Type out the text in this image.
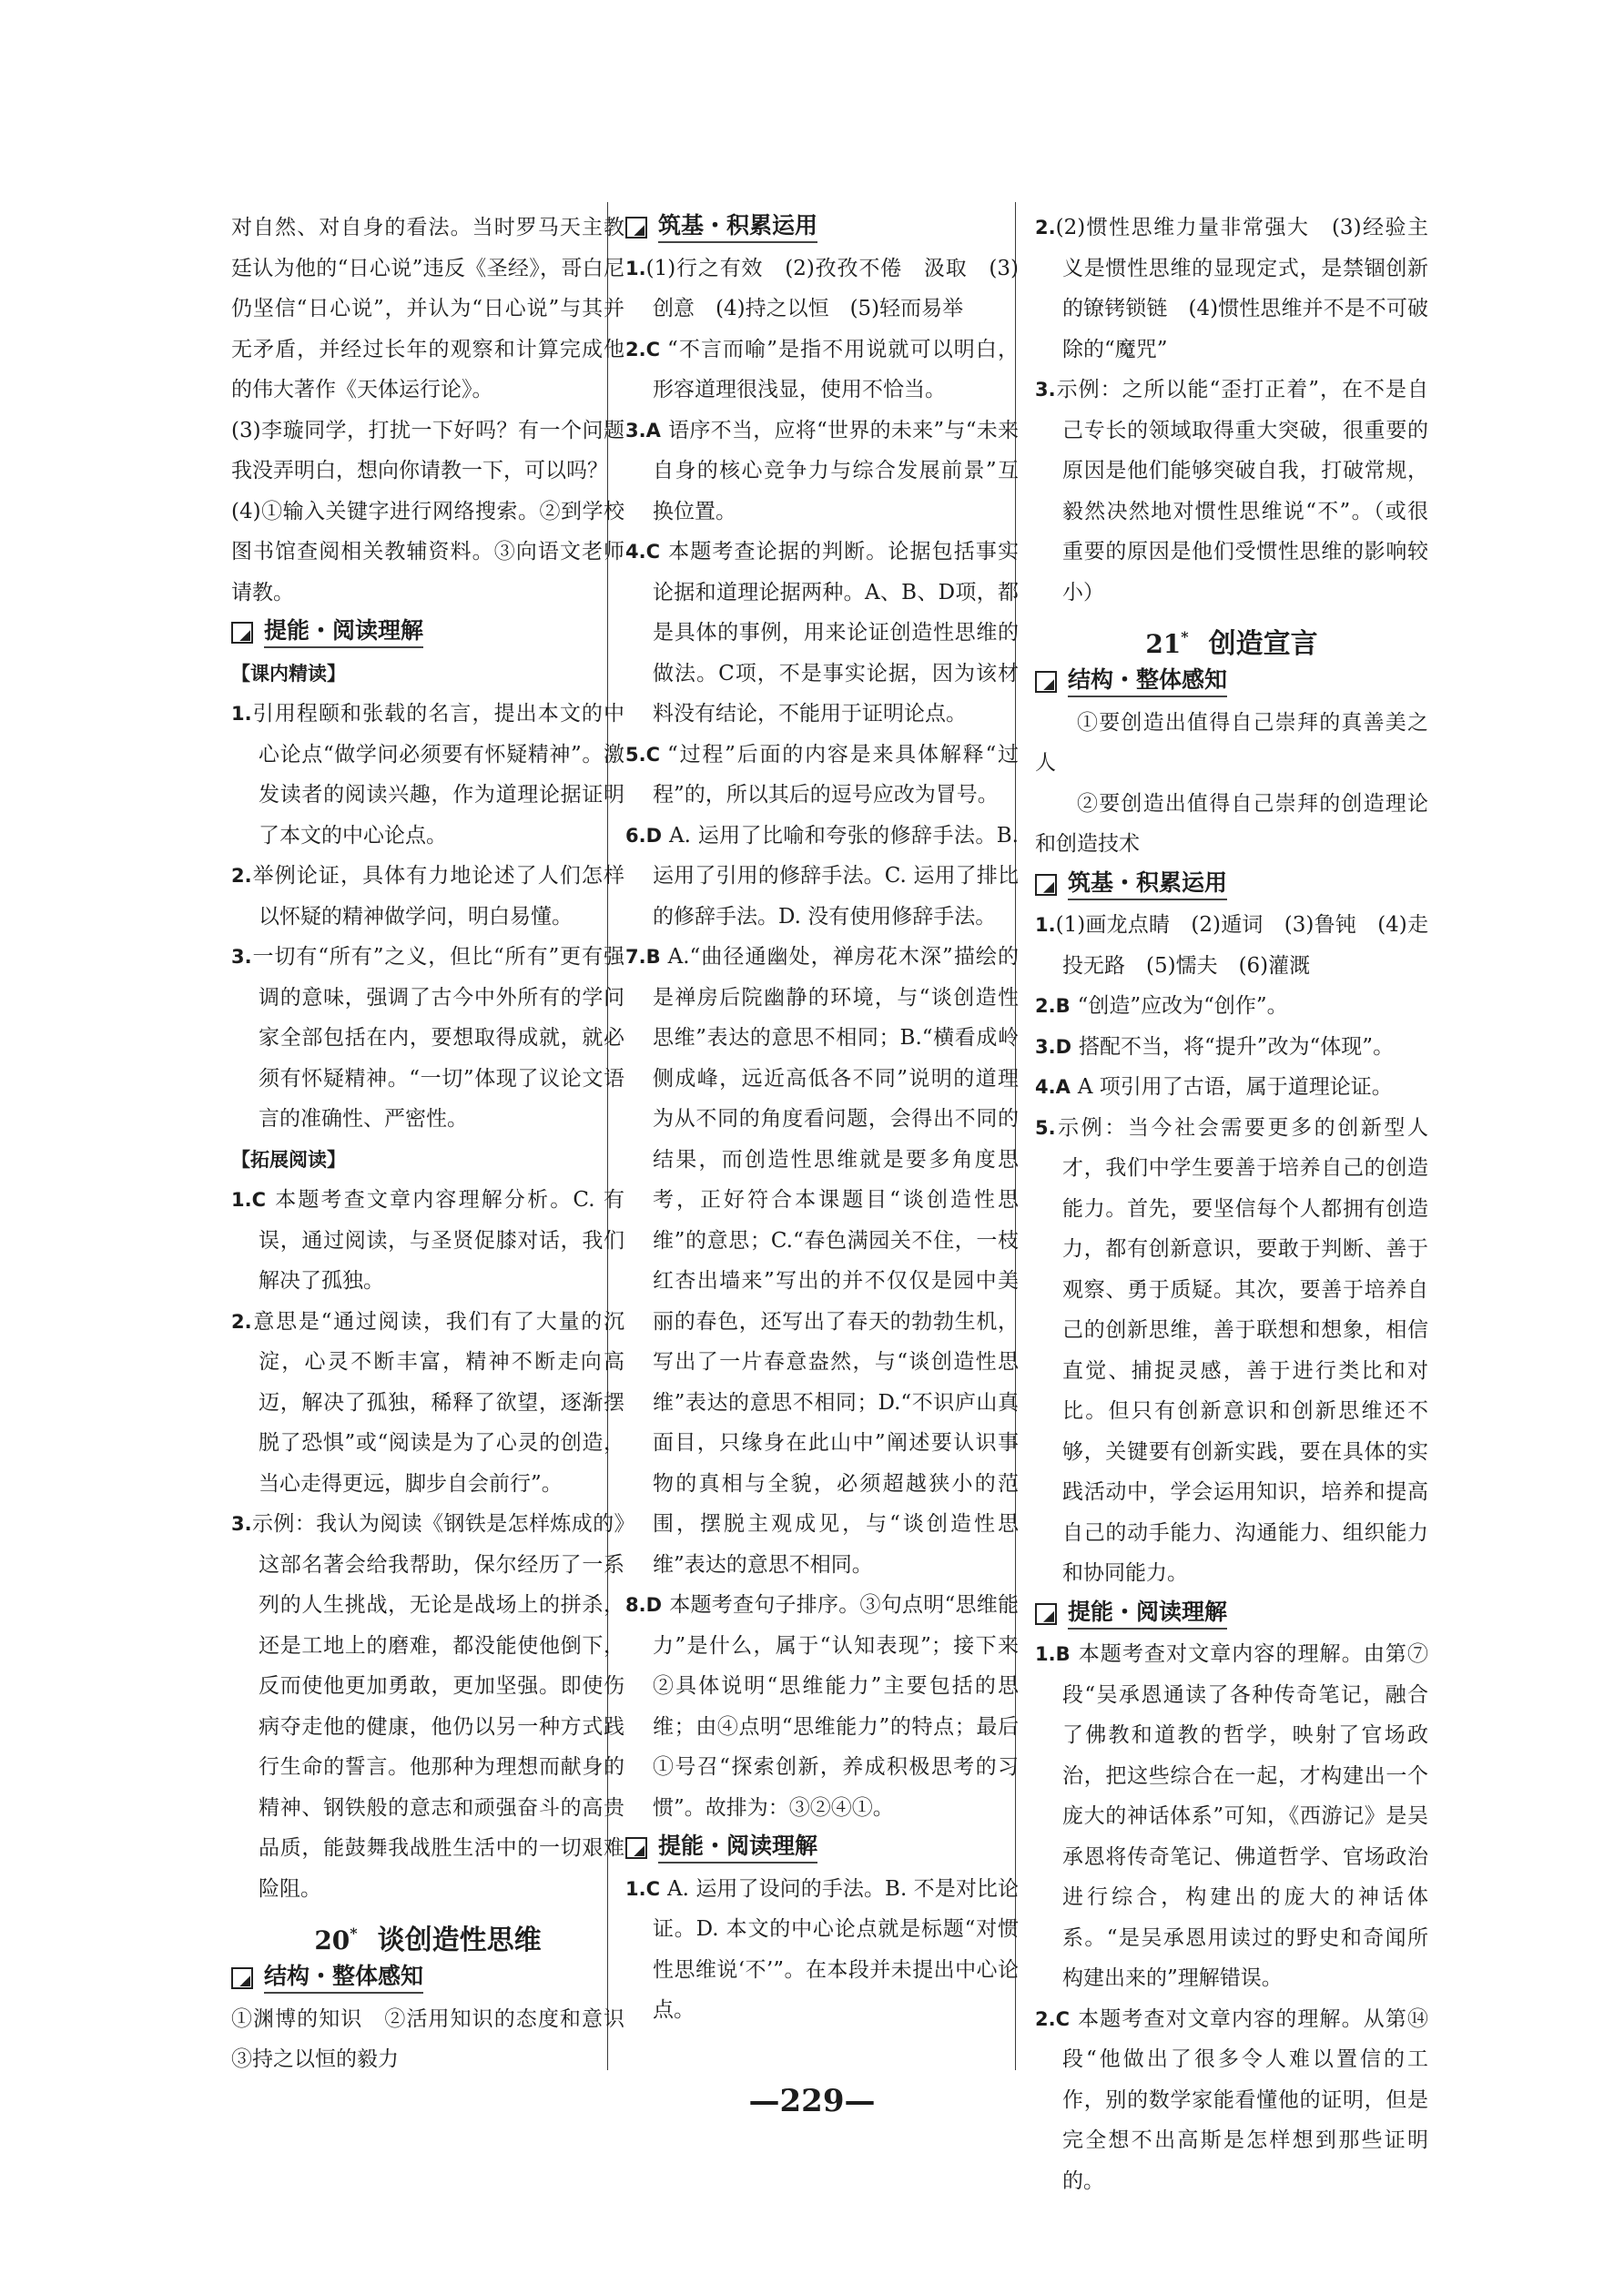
对自然、对自身的看法。当时罗马天主教廷认为他的“日心说”违反《圣经》，哥白尼仍坚信“日心说”，并认为“日心说”与其并无矛盾，并经过长年的观察和计算完成他的伟大著作《天体运行论》。

(3)李璇同学，打扰一下好吗？有一个问题我没弄明白，想向你请教一下，可以吗？

(4)①输入关键字进行网络搜索。②到学校图书馆查阅相关教辅资料。③向语文老师请教。

提能・阅读理解

【课内精读】

1.引用程颐和张载的名言，提出本文的中心论点“做学问必须要有怀疑精神”。激发读者的阅读兴趣，作为道理论据证明了本文的中心论点。

2.举例论证，具体有力地论述了人们怎样以怀疑的精神做学问，明白易懂。

3.一切有“所有”之义，但比“所有”更有强调的意味，强调了古今中外所有的学问家全部包括在内，要想取得成就，就必须有怀疑精神。“一切”体现了议论文语言的准确性、严密性。

【拓展阅读】

1.C 本题考查文章内容理解分析。C. 有误，通过阅读，与圣贤促膝对话，我们解决了孤独。

2.意思是“通过阅读，我们有了大量的沉淀，心灵不断丰富，精神不断走向高迈，解决了孤独，稀释了欲望，逐渐摆脱了恐惧”或“阅读是为了心灵的创造，当心走得更远，脚步自会前行”。

3.示例：我认为阅读《钢铁是怎样炼成的》这部名著会给我帮助，保尔经历了一系列的人生挑战，无论是战场上的拼杀，还是工地上的磨难，都没能使他倒下，反而使他更加勇敢，更加坚强。即使伤病夺走他的健康，他仍以另一种方式践行生命的誓言。他那种为理想而献身的精神、钢铁般的意志和顽强奋斗的高贵品质，能鼓舞我战胜生活中的一切艰难险阻。

20* 谈创造性思维
结构・整体感知

①渊博的知识　②活用知识的态度和意识　③持之以恒的毅力

筑基・积累运用

1.(1)行之有效　(2)孜孜不倦　汲取　(3)创意　(4)持之以恒　(5)轻而易举

2.C “不言而喻”是指不用说就可以明白，形容道理很浅显，使用不恰当。

3.A 语序不当，应将“世界的未来”与“未来自身的核心竞争力与综合发展前景”互换位置。

4.C 本题考查论据的判断。论据包括事实论据和道理论据两种。A、B、D项，都是具体的事例，用来论证创造性思维的做法。C项，不是事实论据，因为该材料没有结论，不能用于证明论点。

5.C “过程”后面的内容是来具体解释“过程”的，所以其后的逗号应改为冒号。

6.D A. 运用了比喻和夸张的修辞手法。B. 运用了引用的修辞手法。C. 运用了排比的修辞手法。D. 没有使用修辞手法。

7.B A.“曲径通幽处，禅房花木深”描绘的是禅房后院幽静的环境，与“谈创造性思维”表达的意思不相同；B.“横看成岭侧成峰，远近高低各不同”说明的道理为从不同的角度看问题，会得出不同的结果，而创造性思维就是要多角度思考，正好符合本课题目“谈创造性思维”的意思；C.“春色满园关不住，一枝红杏出墙来”写出的并不仅仅是园中美丽的春色，还写出了春天的勃勃生机，写出了一片春意盎然，与“谈创造性思维”表达的意思不相同；D.“不识庐山真面目，只缘身在此山中”阐述要认识事物的真相与全貌，必须超越狭小的范围，摆脱主观成见，与“谈创造性思维”表达的意思不相同。

8.D 本题考查句子排序。③句点明“思维能力”是什么，属于“认知表现”；接下来②具体说明“思维能力”主要包括的思维；由④点明“思维能力”的特点；最后①号召“探索创新，养成积极思考的习惯”。故排为：③②④①。

提能・阅读理解

1.C A. 运用了设问的手法。B. 不是对比论证。D. 本文的中心论点就是标题“对惯性思维说‘不’”。在本段并未提出中心论点。

2.(2)惯性思维力量非常强大　(3)经验主义是惯性思维的显现定式，是禁锢创新的镣铐锁链　(4)惯性思维并不是不可破除的“魔咒”

3.示例：之所以能“歪打正着”，在不是自己专长的领域取得重大突破，很重要的原因是他们能够突破自我，打破常规，毅然决然地对惯性思维说“不”。（或很重要的原因是他们受惯性思维的影响较小）

21* 创造宣言
结构・整体感知

①要创造出值得自己崇拜的真善美之人

②要创造出值得自己崇拜的创造理论和创造技术

筑基・积累运用

1.(1)画龙点睛　(2)遁词　(3)鲁钝　(4)走投无路　(5)懦夫　(6)灌溉

2.B “创造”应改为“创作”。

3.D 搭配不当，将“提升”改为“体现”。

4.A A 项引用了古语，属于道理论证。

5.示例：当今社会需要更多的创新型人才，我们中学生要善于培养自己的创造能力。首先，要坚信每个人都拥有创造力，都有创新意识，要敢于判断、善于观察、勇于质疑。其次，要善于培养自己的创新思维，善于联想和想象，相信直觉、捕捉灵感，善于进行类比和对比。但只有创新意识和创新思维还不够，关键要有创新实践，要在具体的实践活动中，学会运用知识，培养和提高自己的动手能力、沟通能力、组织能力和协同能力。

提能・阅读理解

1.B 本题考查对文章内容的理解。由第⑦段“吴承恩通读了各种传奇笔记，融合了佛教和道教的哲学，映射了官场政治，把这些综合在一起，才构建出一个庞大的神话体系”可知，《西游记》是吴承恩将传奇笔记、佛道哲学、官场政治进行综合，构建出的庞大的神话体系。“是吴承恩用读过的野史和奇闻所构建出来的”理解错误。

2.C 本题考查对文章内容的理解。从第⑭段“他做出了很多令人难以置信的工作，别的数学家能看懂他的证明，但是完全想不出高斯是怎样想到那些证明的。

—229—
